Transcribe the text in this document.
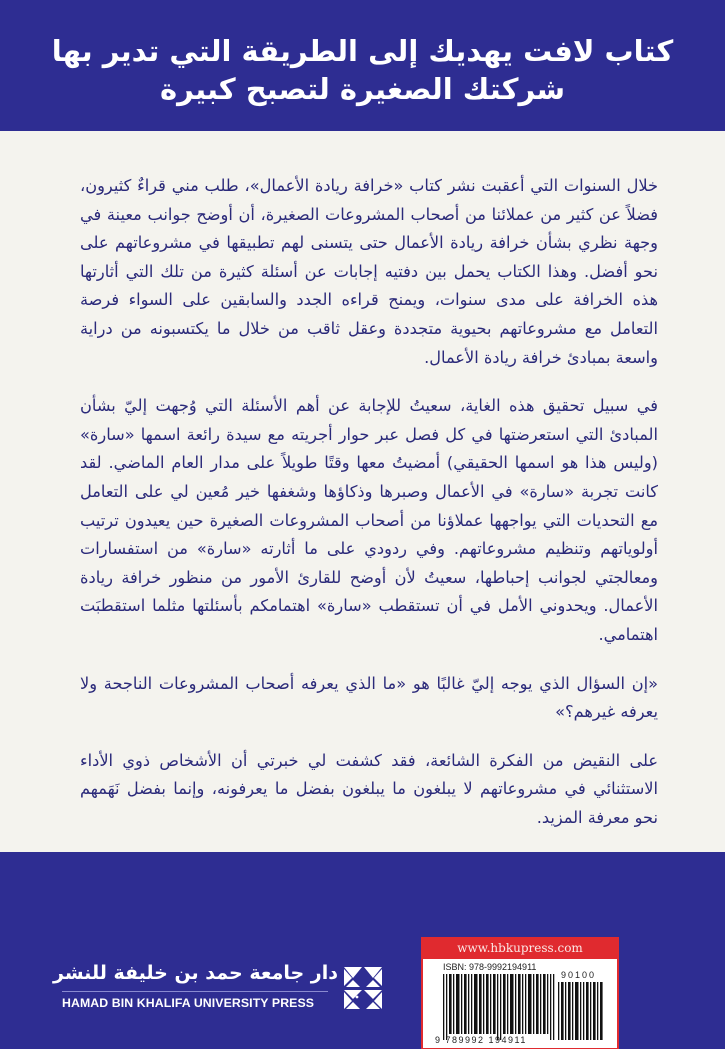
كتاب لافت يهديك إلى الطريقة التي تدير بها
شركتك الصغيرة لتصبح كبيرة

خلال السنوات التي أعقبت نشر كتاب «خرافة ريادة الأعمال»، طلب مني قراءٌ كثيرون، فضلاً عن كثير من عملائنا من أصحاب المشروعات الصغيرة، أن أوضح جوانب معينة في وجهة نظري بشأن خرافة ريادة الأعمال حتى يتسنى لهم تطبيقها في مشروعاتهم على نحو أفضل. وهذا الكتاب يحمل بين دفتيه إجابات عن أسئلة كثيرة من تلك التي أثارتها هذه الخرافة على مدى سنوات، ويمنح قراءه الجدد والسابقين على السواء فرصة التعامل مع مشروعاتهم بحيوية متجددة وعقل ثاقب من خلال ما يكتسبونه من دراية واسعة بمبادئ خرافة ريادة الأعمال.

في سبيل تحقيق هذه الغاية، سعيتُ للإجابة عن أهم الأسئلة التي وُجهت إليّ بشأن المبادئ التي استعرضتها في كل فصل عبر حوار أجريته مع سيدة رائعة اسمها «سارة» (وليس هذا هو اسمها الحقيقي) أمضيتُ معها وقتًا طويلاً على مدار العام الماضي. لقد كانت تجربة «سارة» في الأعمال وصبرها وذكاؤها وشغفها خير مُعين لي على التعامل مع التحديات التي يواجهها عملاؤنا من أصحاب المشروعات الصغيرة حين يعيدون ترتيب أولوياتهم وتنظيم مشروعاتهم. وفي ردودي على ما أثارته «سارة» من استفسارات ومعالجتي لجوانب إحباطها، سعيتُ لأن أوضح للقارئ الأمور من منظور خرافة ريادة الأعمال. ويحدوني الأمل في أن تستقطب «سارة» اهتمامكم بأسئلتها مثلما استقطبَت اهتمامي.

«إن السؤال الذي يوجه إليّ غالبًا هو «ما الذي يعرفه أصحاب المشروعات الناجحة ولا يعرفه غيرهم؟»

على النقيض من الفكرة الشائعة، فقد كشفت لي خبرتي أن الأشخاص ذوي الأداء الاستثنائي في مشروعاتهم لا يبلغون ما يبلغون بفضل ما يعرفونه، وإنما بفضل نَهَمهم نحو معرفة المزيد.

دار جامعة حمد بن خليفة للنشر
HAMAD BIN KHALIFA UNIVERSITY PRESS
www.hbkupress.com
ISBN: 978-9992194911
90100
9 789992 194911
